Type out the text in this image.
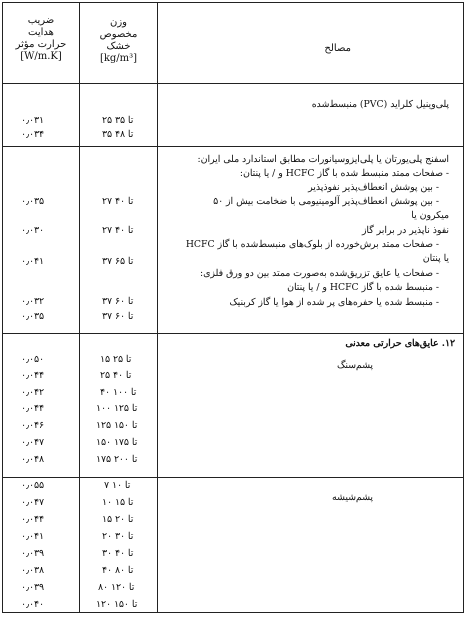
ضریب
هدایت
حرارت مؤثر
[W/m.K]
وزن
مخصوص
خشک
[kg/m³]
مصالح
پلی‌وینیل کلراید (PVC) منبسط‌شده
۲۵ تا ۳۵
۰٫۰۳۱
۳۵ تا ۴۸
۰٫۰۳۴
اسفنج پلی‌یورتان یا پلی‌ایزوسیانورات مطابق استاندارد ملی ایران:
- صفحات ممتد منبسط شده با گاز HCFC و / یا پنتان:
- بین پوشش انعطاف‌پذیر نفوذپذیر
- بین پوشش انعطاف‌پذیر آلومینیومی با ضخامت بیش از ۵۰
میکرون یا
نفوذ ناپذیر در برابر گاز
- صفحات ممتد برش‌خورده از بلوک‌های منبسط‌شده با گاز HCFC
یا پنتان
- صفحات یا عایق تزریق‌شده به‌صورت ممتد بین دو ورق فلزی:
- منبسط شده با گاز HCFC و / یا پنتان
- منبسط شده یا حفره‌های پر شده از هوا یا گاز کربنیک
۲۷ تا ۴۰
۰٫۰۳۵
۲۷ تا ۴۰
۰٫۰۳۰
۳۷ تا ۶۵
۰٫۰۴۱
۳۷ تا ۶۰
۰٫۰۳۲
۳۷ تا ۶۰
۰٫۰۳۵
۱۲. عایق‌های حرارتی معدنی
پشم‌سنگ
۱۵ تا ۲۵
۰٫۰۵۰
۲۵ تا ۴۰
۰٫۰۴۴
۴۰ تا ۱۰۰
۰٫۰۴۲
۱۰۰ تا ۱۲۵
۰٫۰۴۴
۱۲۵ تا ۱۵۰
۰٫۰۴۶
۱۵۰ تا ۱۷۵
۰٫۰۴۷
۱۷۵ تا ۲۰۰
۰٫۰۴۸
پشم‌شیشه
۷ تا ۱۰
۰٫۰۵۵
۱۰ تا ۱۵
۰٫۰۴۷
۱۵ تا ۲۰
۰٫۰۴۴
۲۰ تا ۳۰
۰٫۰۴۱
۳۰ تا ۴۰
۰٫۰۳۹
۴۰ تا ۸۰
۰٫۰۳۸
۸۰ تا ۱۲۰
۰٫۰۳۹
۱۲۰ تا ۱۵۰
۰٫۰۴۰
